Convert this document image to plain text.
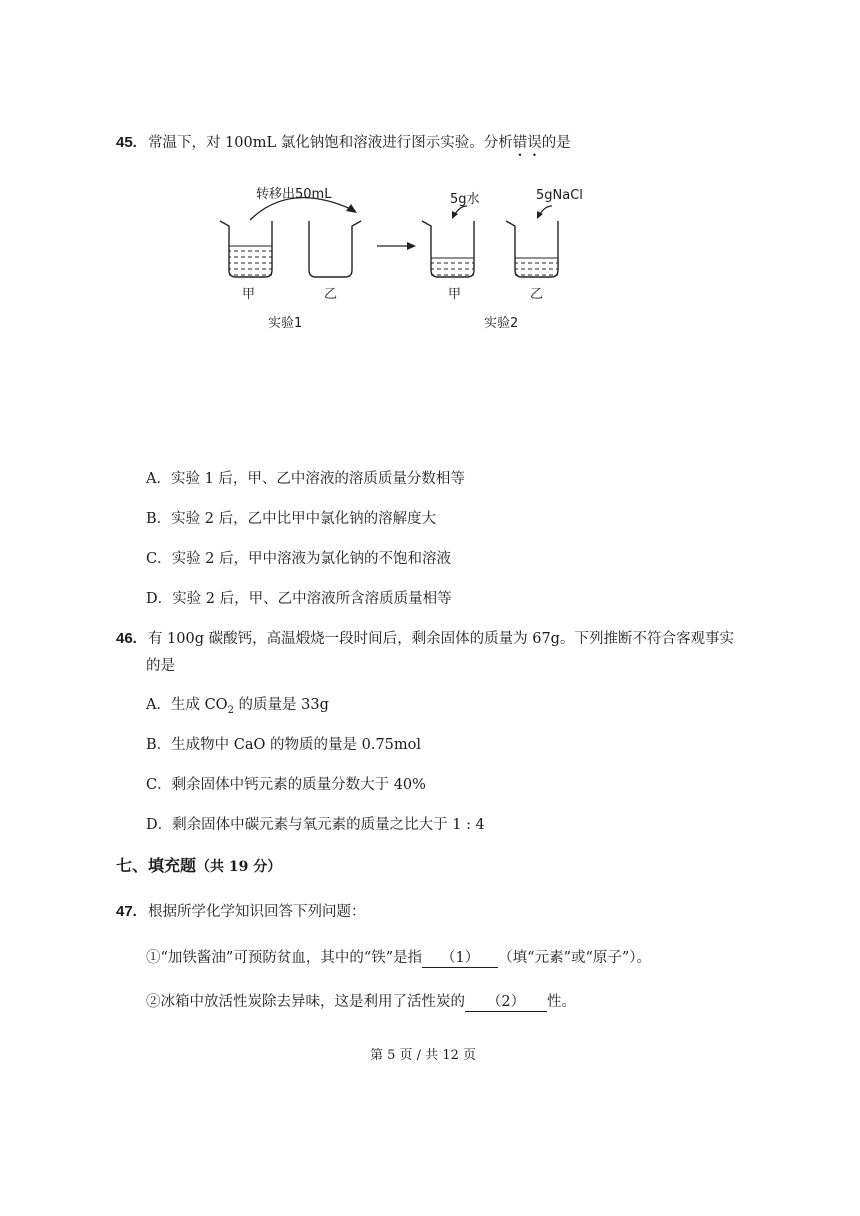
45. 常温下，对 100mL 氯化钠饱和溶液进行图示实验。分析错误的是
转移出50mL	5g水	5gNaCl
甲	乙	甲	乙
实验1	实验2
A．实验 1 后，甲、乙中溶液的溶质质量分数相等
B．实验 2 后，乙中比甲中氯化钠的溶解度大
C．实验 2 后，甲中溶液为氯化钠的不饱和溶液
D．实验 2 后，甲、乙中溶液所含溶质质量相等
46. 有 100g 碳酸钙，高温煅烧一段时间后，剩余固体的质量为 67g。下列推断不符合客观事实
的是
A．生成 $CO_2$ 的质量是 33g
B．生成物中 CaO 的物质的量是 0.75mol
C．剩余固体中钙元素的质量分数大于 40%
D．剩余固体中碳元素与氧元素的质量之比大于 1 : 4
七、填充题（共 19 分）
47. 根据所学化学知识回答下列问题：
①“加铁酱油”可预防贫血，其中的“铁”是指 （1） （填“元素”或“原子”）。
②冰箱中放活性炭除去异味，这是利用了活性炭的 （2） 性。
第 5 页 / 共 12 页
